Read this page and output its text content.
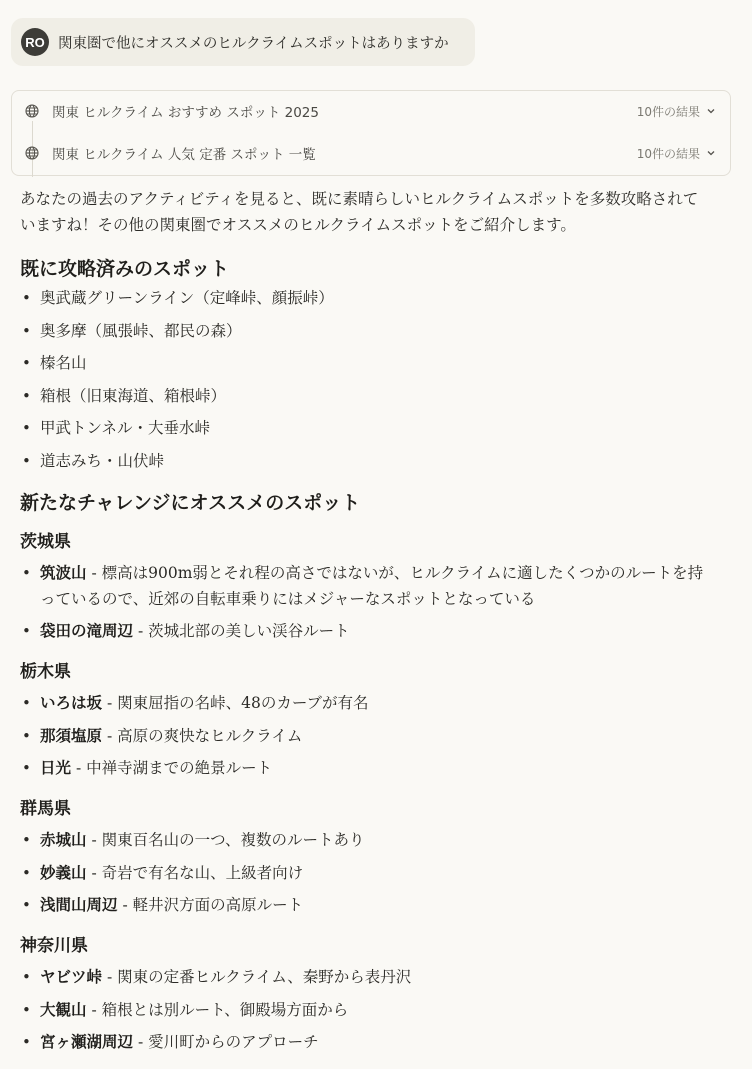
RO 関東圏で他にオススメのヒルクライムスポットはありますか
関東 ヒルクライム おすすめ スポット 2025	10件の結果
関東 ヒルクライム 人気 定番 スポット 一覧	10件の結果

あなたの過去のアクティビティを見ると、既に素晴らしいヒルクライムスポットを多数攻略されていますね！その他の関東圏でオススメのヒルクライムスポットをご紹介します。

既に攻略済みのスポット
• 奥武蔵グリーンライン（定峰峠、顔振峠）
• 奥多摩（風張峠、都民の森）
• 榛名山
• 箱根（旧東海道、箱根峠）
• 甲武トンネル・大垂水峠
• 道志みち・山伏峠
新たなチャレンジにオススメのスポット
茨城県
• 筑波山 - 標高は900m弱とそれ程の高さではないが、ヒルクライムに適したくつかのルートを持っているので、近郊の自転車乗りにはメジャーなスポットとなっている
• 袋田の滝周辺 - 茨城北部の美しい渓谷ルート
栃木県
• いろは坂 - 関東屈指の名峠、48のカーブが有名
• 那須塩原 - 高原の爽快なヒルクライム
• 日光 - 中禅寺湖までの絶景ルート
群馬県
• 赤城山 - 関東百名山の一つ、複数のルートあり
• 妙義山 - 奇岩で有名な山、上級者向け
• 浅間山周辺 - 軽井沢方面の高原ルート
神奈川県
• ヤビツ峠 - 関東の定番ヒルクライム、秦野から表丹沢
• 大観山 - 箱根とは別ルート、御殿場方面から
• 宮ヶ瀬湖周辺 - 愛川町からのアプローチ
